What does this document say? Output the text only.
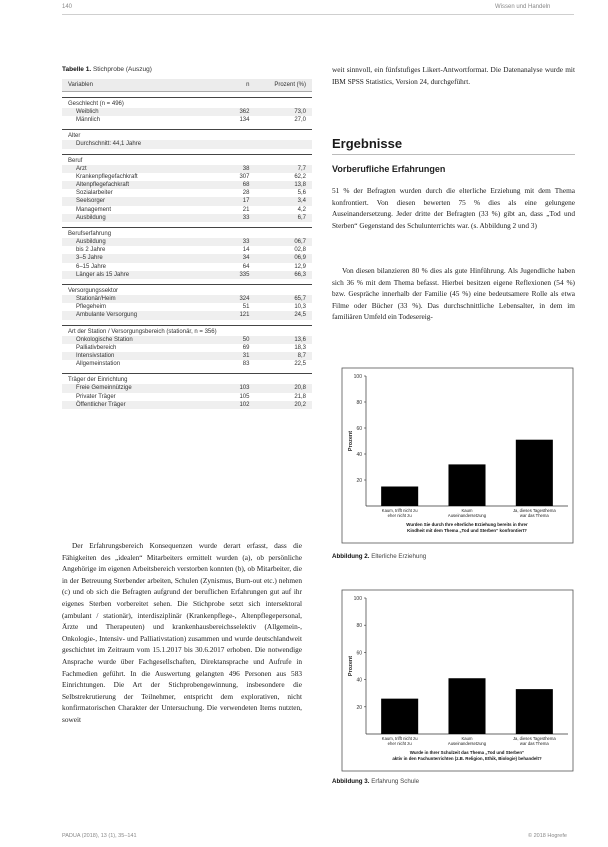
140	Wissen und Handeln
Tabelle 1. Stichprobe (Auszug)
Variablen	n	Prozent (%)
Geschlecht (n = 496)
Weiblich	362	73,0
Männlich	134	27,0
Alter
Durchschnitt: 44,1 Jahre
Beruf
Arzt	38	7,7
Krankenpflegefachkraft	307	62,2
Altenpflegefachkraft	68	13,8
Sozialarbeiter	28	5,6
Seelsorger	17	3,4
Management	21	4,2
Ausbildung	33	6,7
Berufserfahrung
Ausbildung	33	06,7
bis 2 Jahre	14	02,8
3–5 Jahre	34	06,9
6–15 Jahre	64	12,9
Länger als 15 Jahre	335	66,3
Versorgungssektor
Stationär/Heim	324	65,7
Pflegeheim	51	10,3
Ambulante Versorgung	121	24,5
Art der Station / Versorgungsbereich (stationär, n = 356)
Onkologische Station	50	13,6
Palliativbereich	69	18,3
Intensivstation	31	8,7
Allgemeinstation	83	22,5
Träger der Einrichtung
Freie Gemeinnützige	103	20,8
Privater Träger	105	21,8
Öffentlicher Träger	102	20,2
Der Erfahrungsbereich Konsequenzen wurde derart erfasst, dass die Fähigkeiten des „idealen“ Mitarbeiters ermittelt wurden (a), ob persönliche Angehörige im eigenen Arbeitsbereich verstorben konnten (b), ob Mitarbeiter, die in der Betreuung Sterbender arbeiten, Schulen (Zynismus, Burn-out etc.) nehmen (c) und ob sich die Befragten aufgrund der beruflichen Erfahrungen gut auf ihr eigenes Sterben vorbereitet sehen. Die Stichprobe setzt sich intersektoral (ambulant / stationär), interdisziplinär (Krankenpflege-, Altenpflegepersonal, Ärzte und Therapeuten) und krankenhausbereichsselektiv (Allgemein-, Onkologie-, Intensiv- und Palliativstation) zusammen und wurde deutschlandweit geschichtet im Zeitraum vom 15.1.2017 bis 30.6.2017 erhoben. Die notwendige Ansprache wurde über Fachgesellschaften, Direktansprache und Aufrufe in Fachmedien geführt. In die Auswertung gelangten 496 Personen aus 583 Einrichtungen. Die Art der Stichprobengewinnung, insbesondere die Selbstrekrutierung der Teilnehmer, entspricht dem explorativen, nicht konfirmatorischen Charakter der Untersuchung. Die verwendeten Items nutzten, soweit
weit sinnvoll, ein fünfstufiges Likert-Antwortformat. Die Datenanalyse wurde mit IBM SPSS Statistics, Version 24, durchgeführt.
Ergebnisse
Vorberufliche Erfahrungen
51 % der Befragten wurden durch die elterliche Erziehung mit dem Thema konfrontiert. Von diesen bewerten 75 % dies als eine gelungene Auseinandersetzung. Jeder dritte der Befragten (33 %) gibt an, dass „Tod und Sterben“ Gegenstand des Schulunterrichts war. (s. Abbildung 2 und 3)
Von diesen bilanzieren 80 % dies als gute Hinführung. Als Jugendliche haben sich 36 % mit dem Thema befasst. Hierbei besitzen eigene Reflexionen (54 %) bzw. Gespräche innerhalb der Familie (45 %) eine bedeutsamere Rolle als etwa Filme oder Bücher (33 %). Das durchschnittliche Lebensalter, in dem im familiären Umfeld ein Todesereig-
20
40
60
80
100
Prozent
Kaum, trifft nicht zu
eher nicht zu
Kaum
Auseinandersetzung
Ja, dieses Tagesthema
war das Thema
Wurden Sie durch Ihre elterliche Erziehung bereits in Ihrer
Kindheit mit dem Thema „Tod und Sterben“ konfrontiert?
Abbildung 2. Elterliche Erziehung
20
40
60
80
100
Prozent
Kaum, trifft nicht zu
eher nicht zu
Kaum
Auseinandersetzung
Ja, dieses Tagesthema
war das Thema
Wurde in Ihrer Schulzeit das Thema „Tod und Sterben“
aktiv in den Fachunterrichten (z.B. Religion, Ethik, Biologie) behandelt?
Abbildung 3. Erfahrung Schule
PADUA (2018), 13 (1), 35–141	© 2018 Hogrefe
